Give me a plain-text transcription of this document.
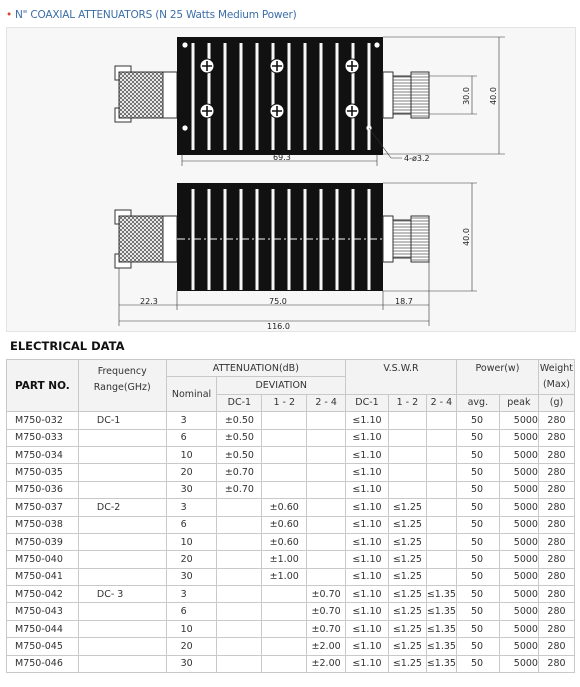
• N" COAXIAL ATTENUATORS (N 25 Watts Medium Power)
69.3
30.0 40.0
4-ø3.2
40.0
22.3	75.0	18.7
116.0
ELECTRICAL DATA
PART NO.	Frequency
Range(GHz)	ATTENUATION(dB)				V.S.W.R			Power(w)		Weight
(Max)
		Nominal	DEVIATION								
			DC-1	1 - 2	2 - 4	DC-1	1 - 2	2 - 4	avg.	peak	(g)
M750-032	DC-1	3	±0.50			≤1.10			50	5000	280
M750-033		6	±0.50			≤1.10			50	5000	280
M750-034		10	±0.50			≤1.10			50	5000	280
M750-035		20	±0.70			≤1.10			50	5000	280
M750-036		30	±0.70			≤1.10			50	5000	280
M750-037	DC-2	3		±0.60		≤1.10	≤1.25		50	5000	280
M750-038		6		±0.60		≤1.10	≤1.25		50	5000	280
M750-039		10		±0.60		≤1.10	≤1.25		50	5000	280
M750-040		20		±1.00		≤1.10	≤1.25		50	5000	280
M750-041		30		±1.00		≤1.10	≤1.25		50	5000	280
M750-042	DC- 3	3			±0.70	≤1.10	≤1.25	≤1.35	50	5000	280
M750-043		6			±0.70	≤1.10	≤1.25	≤1.35	50	5000	280
M750-044		10			±0.70	≤1.10	≤1.25	≤1.35	50	5000	280
M750-045		20			±2.00	≤1.10	≤1.25	≤1.35	50	5000	280
M750-046		30			±2.00	≤1.10	≤1.25	≤1.35	50	5000	280
